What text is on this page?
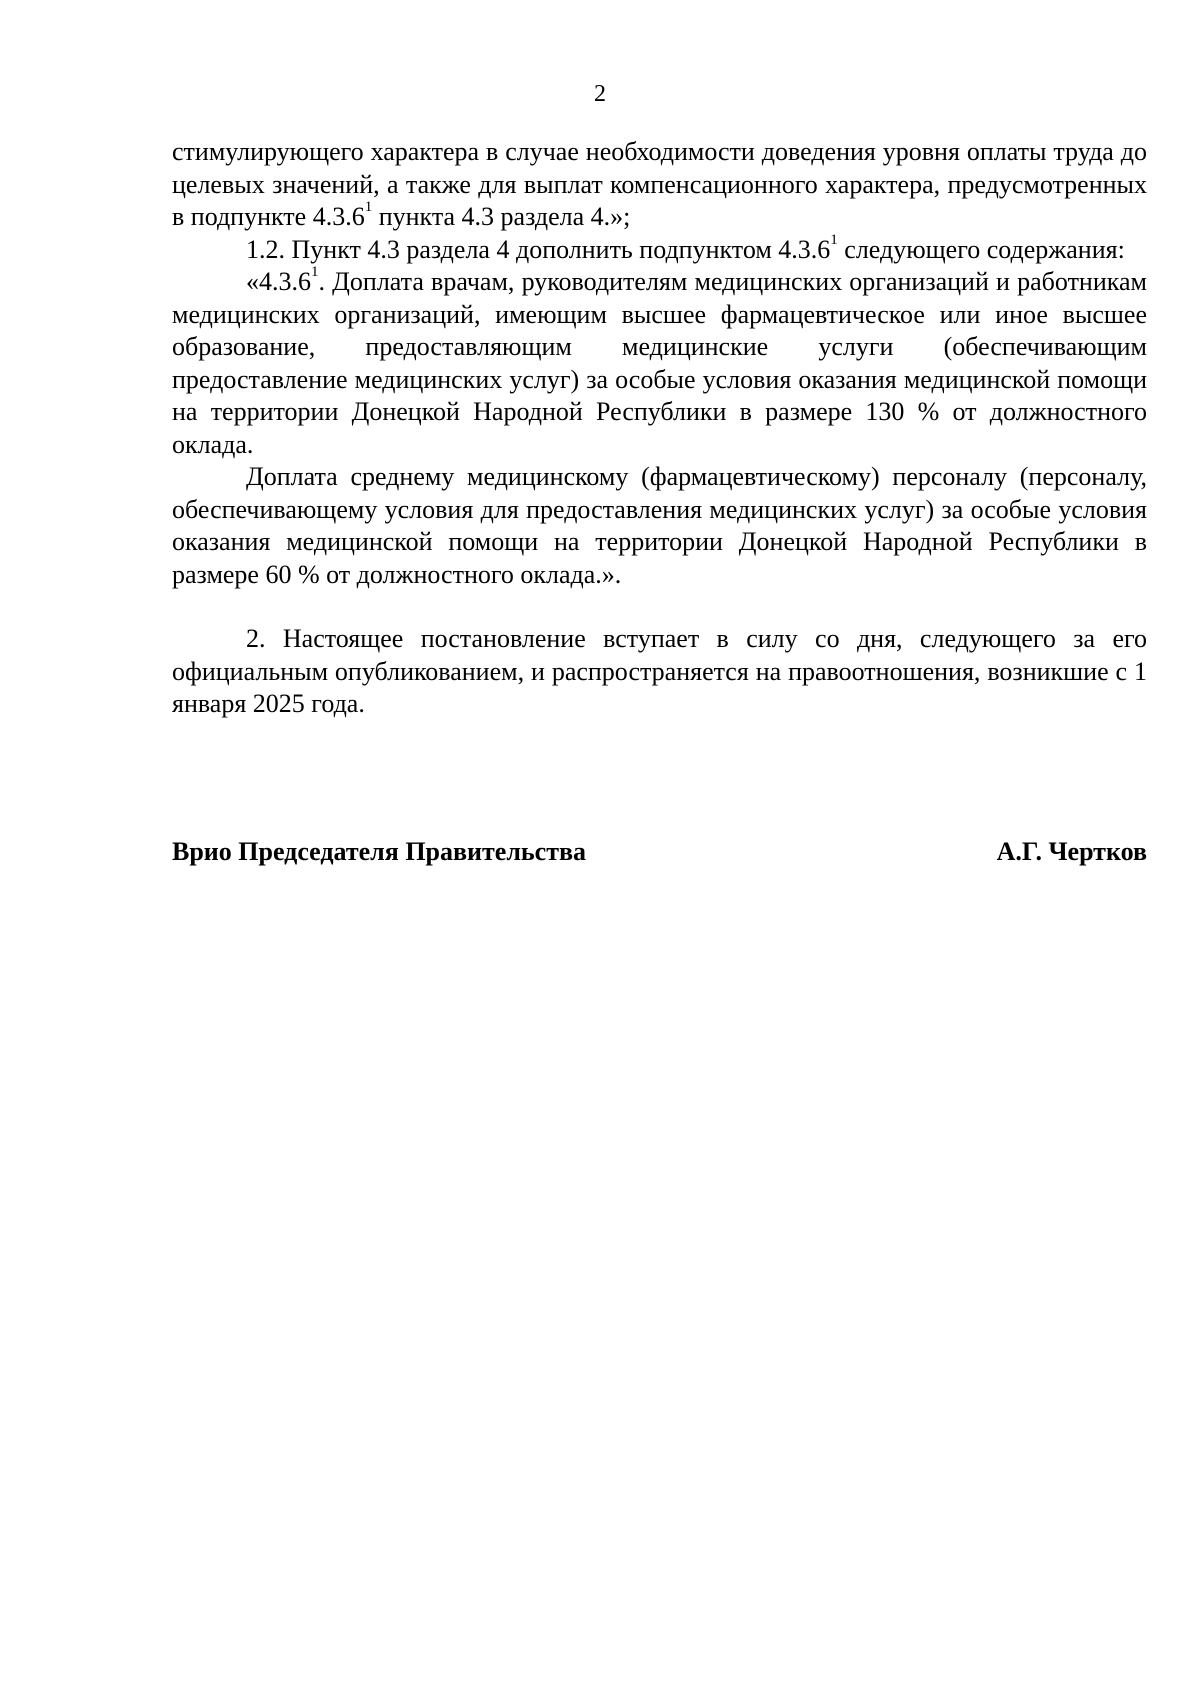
2

стимулирующего характера в случае необходимости доведения уровня оплаты труда до целевых значений, а также для выплат компенсационного характера, предусмотренных в подпункте 4.3.6$^1$ пункта 4.3 раздела 4.»;

1.2. Пункт 4.3 раздела 4 дополнить подпунктом 4.3.6$^1$ следующего содержания:

«4.3.6$^1$. Доплата врачам, руководителям медицинских организаций и работникам медицинских организаций, имеющим высшее фармацевтическое или иное высшее образование, предоставляющим медицинские услуги (обеспечивающим предоставление медицинских услуг) за особые условия оказания медицинской помощи на территории Донецкой Народной Республики в размере 130 % от должностного оклада.

Доплата среднему медицинскому (фармацевтическому) персоналу (персоналу, обеспечивающему условия для предоставления медицинских услуг) за особые условия оказания медицинской помощи на территории Донецкой Народной Республики в размере 60 % от должностного оклада.».

2. Настоящее постановление вступает в силу со дня, следующего за его официальным опубликованием, и распространяется на правоотношения, возникшие с 1 января 2025 года.

Врио Председателя Правительства	А.Г. Чертков
